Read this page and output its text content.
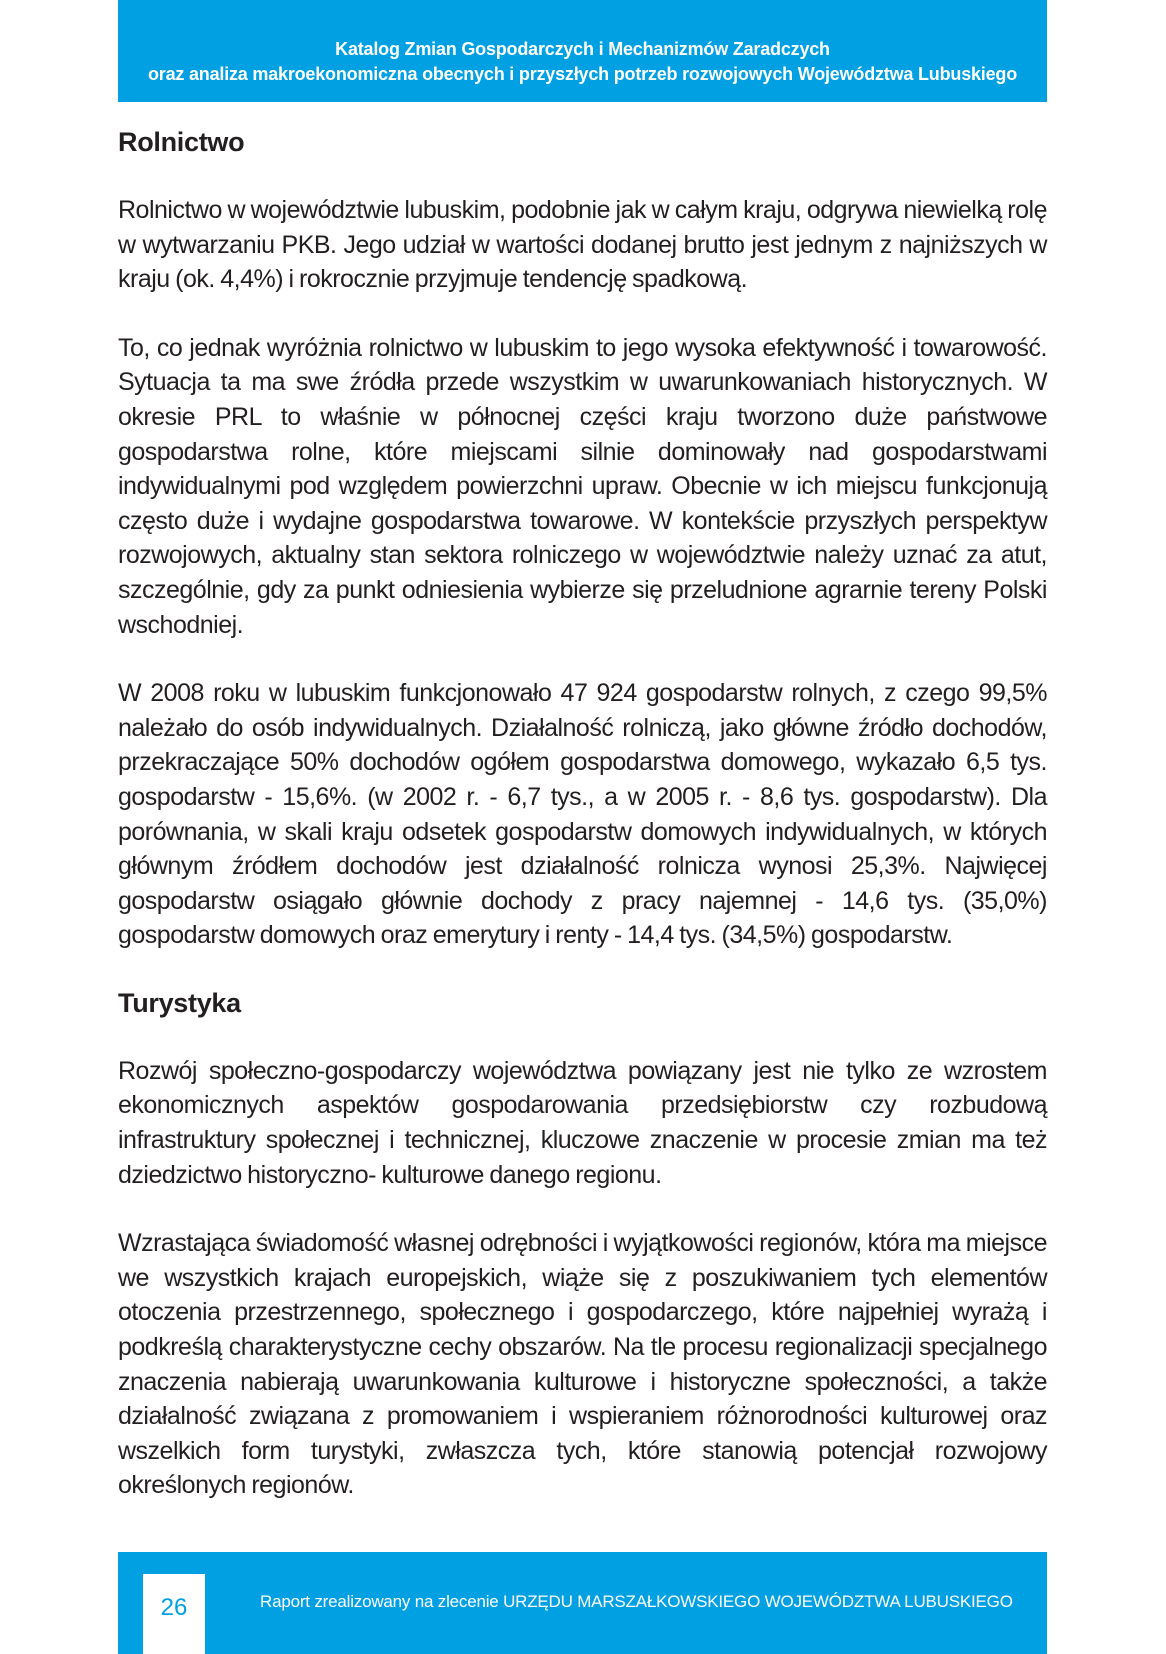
Katalog Zmian Gospodarczych i Mechanizmów Zaradczych
oraz analiza makroekonomiczna obecnych i przyszłych potrzeb rozwojowych Województwa Lubuskiego
Rolnictwo

Rolnictwo w województwie lubuskim, podobnie jak w całym kraju, odgrywa niewielką rolę w wytwarzaniu PKB. Jego udział w wartości dodanej brutto jest jednym z najniższych w kraju (ok. 4,4%) i rokrocznie przyjmuje tendencję spadkową.

To, co jednak wyróżnia rolnictwo w lubuskim to jego wysoka efektywność i towarowość. Sytuacja ta ma swe źródła przede wszystkim w uwarunkowaniach historycznych. W okresie PRL to właśnie w północnej części kraju tworzono duże państwowe gospodarstwa rolne, które miejscami silnie dominowały nad gospodarstwami indywidualnymi pod względem powierzchni upraw. Obecnie w ich miejscu funkcjonują często duże i wydajne gospodarstwa towarowe. W kontekście przyszłych perspektyw rozwojowych, aktualny stan sektora rolniczego w województwie należy uznać za atut, szczególnie, gdy za punkt odniesienia wybierze się przeludnione agrarnie tereny Polski wschodniej.

W 2008 roku w lubuskim funkcjonowało 47 924 gospodarstw rolnych, z czego 99,5% należało do osób indywidualnych. Działalność rolniczą, jako główne źródło dochodów, przekraczające 50% dochodów ogółem gospodarstwa domowego, wykazało 6,5 tys. gospodarstw - 15,6%. (w 2002 r. - 6,7 tys., a w 2005 r. - 8,6 tys. gospodarstw). Dla porównania, w skali kraju odsetek gospodarstw domowych indywidualnych, w których głównym źródłem dochodów jest działalność rolnicza wynosi 25,3%. Najwięcej gospodarstw osiągało głównie dochody z pracy najemnej - 14,6 tys. (35,0%) gospodarstw domowych oraz emerytury i renty - 14,4 tys. (34,5%) gospodarstw.

Turystyka

Rozwój społeczno-gospodarczy województwa powiązany jest nie tylko ze wzrostem ekonomicznych aspektów gospodarowania przedsiębiorstw czy rozbudową infrastruktury społecznej i technicznej, kluczowe znaczenie w procesie zmian ma też dziedzictwo historyczno- kulturowe danego regionu.

Wzrastająca świadomość własnej odrębności i wyjątkowości regionów, która ma miejsce we wszystkich krajach europejskich, wiąże się z poszukiwaniem tych elementów otoczenia przestrzennego, społecznego i gospodarczego, które najpełniej wyrażą i podkreślą charakterystyczne cechy obszarów. Na tle procesu regionalizacji specjalnego znaczenia nabierają uwarunkowania kulturowe i historyczne społeczności, a także działalność związana z promowaniem i wspieraniem różnorodności kulturowej oraz wszelkich form turystyki, zwłaszcza tych, które stanowią potencjał rozwojowy określonych regionów.

26	Raport zrealizowany na zlecenie URZĘDU MARSZAŁKOWSKIEGO WOJEWÓDZTWA LUBUSKIEGO
